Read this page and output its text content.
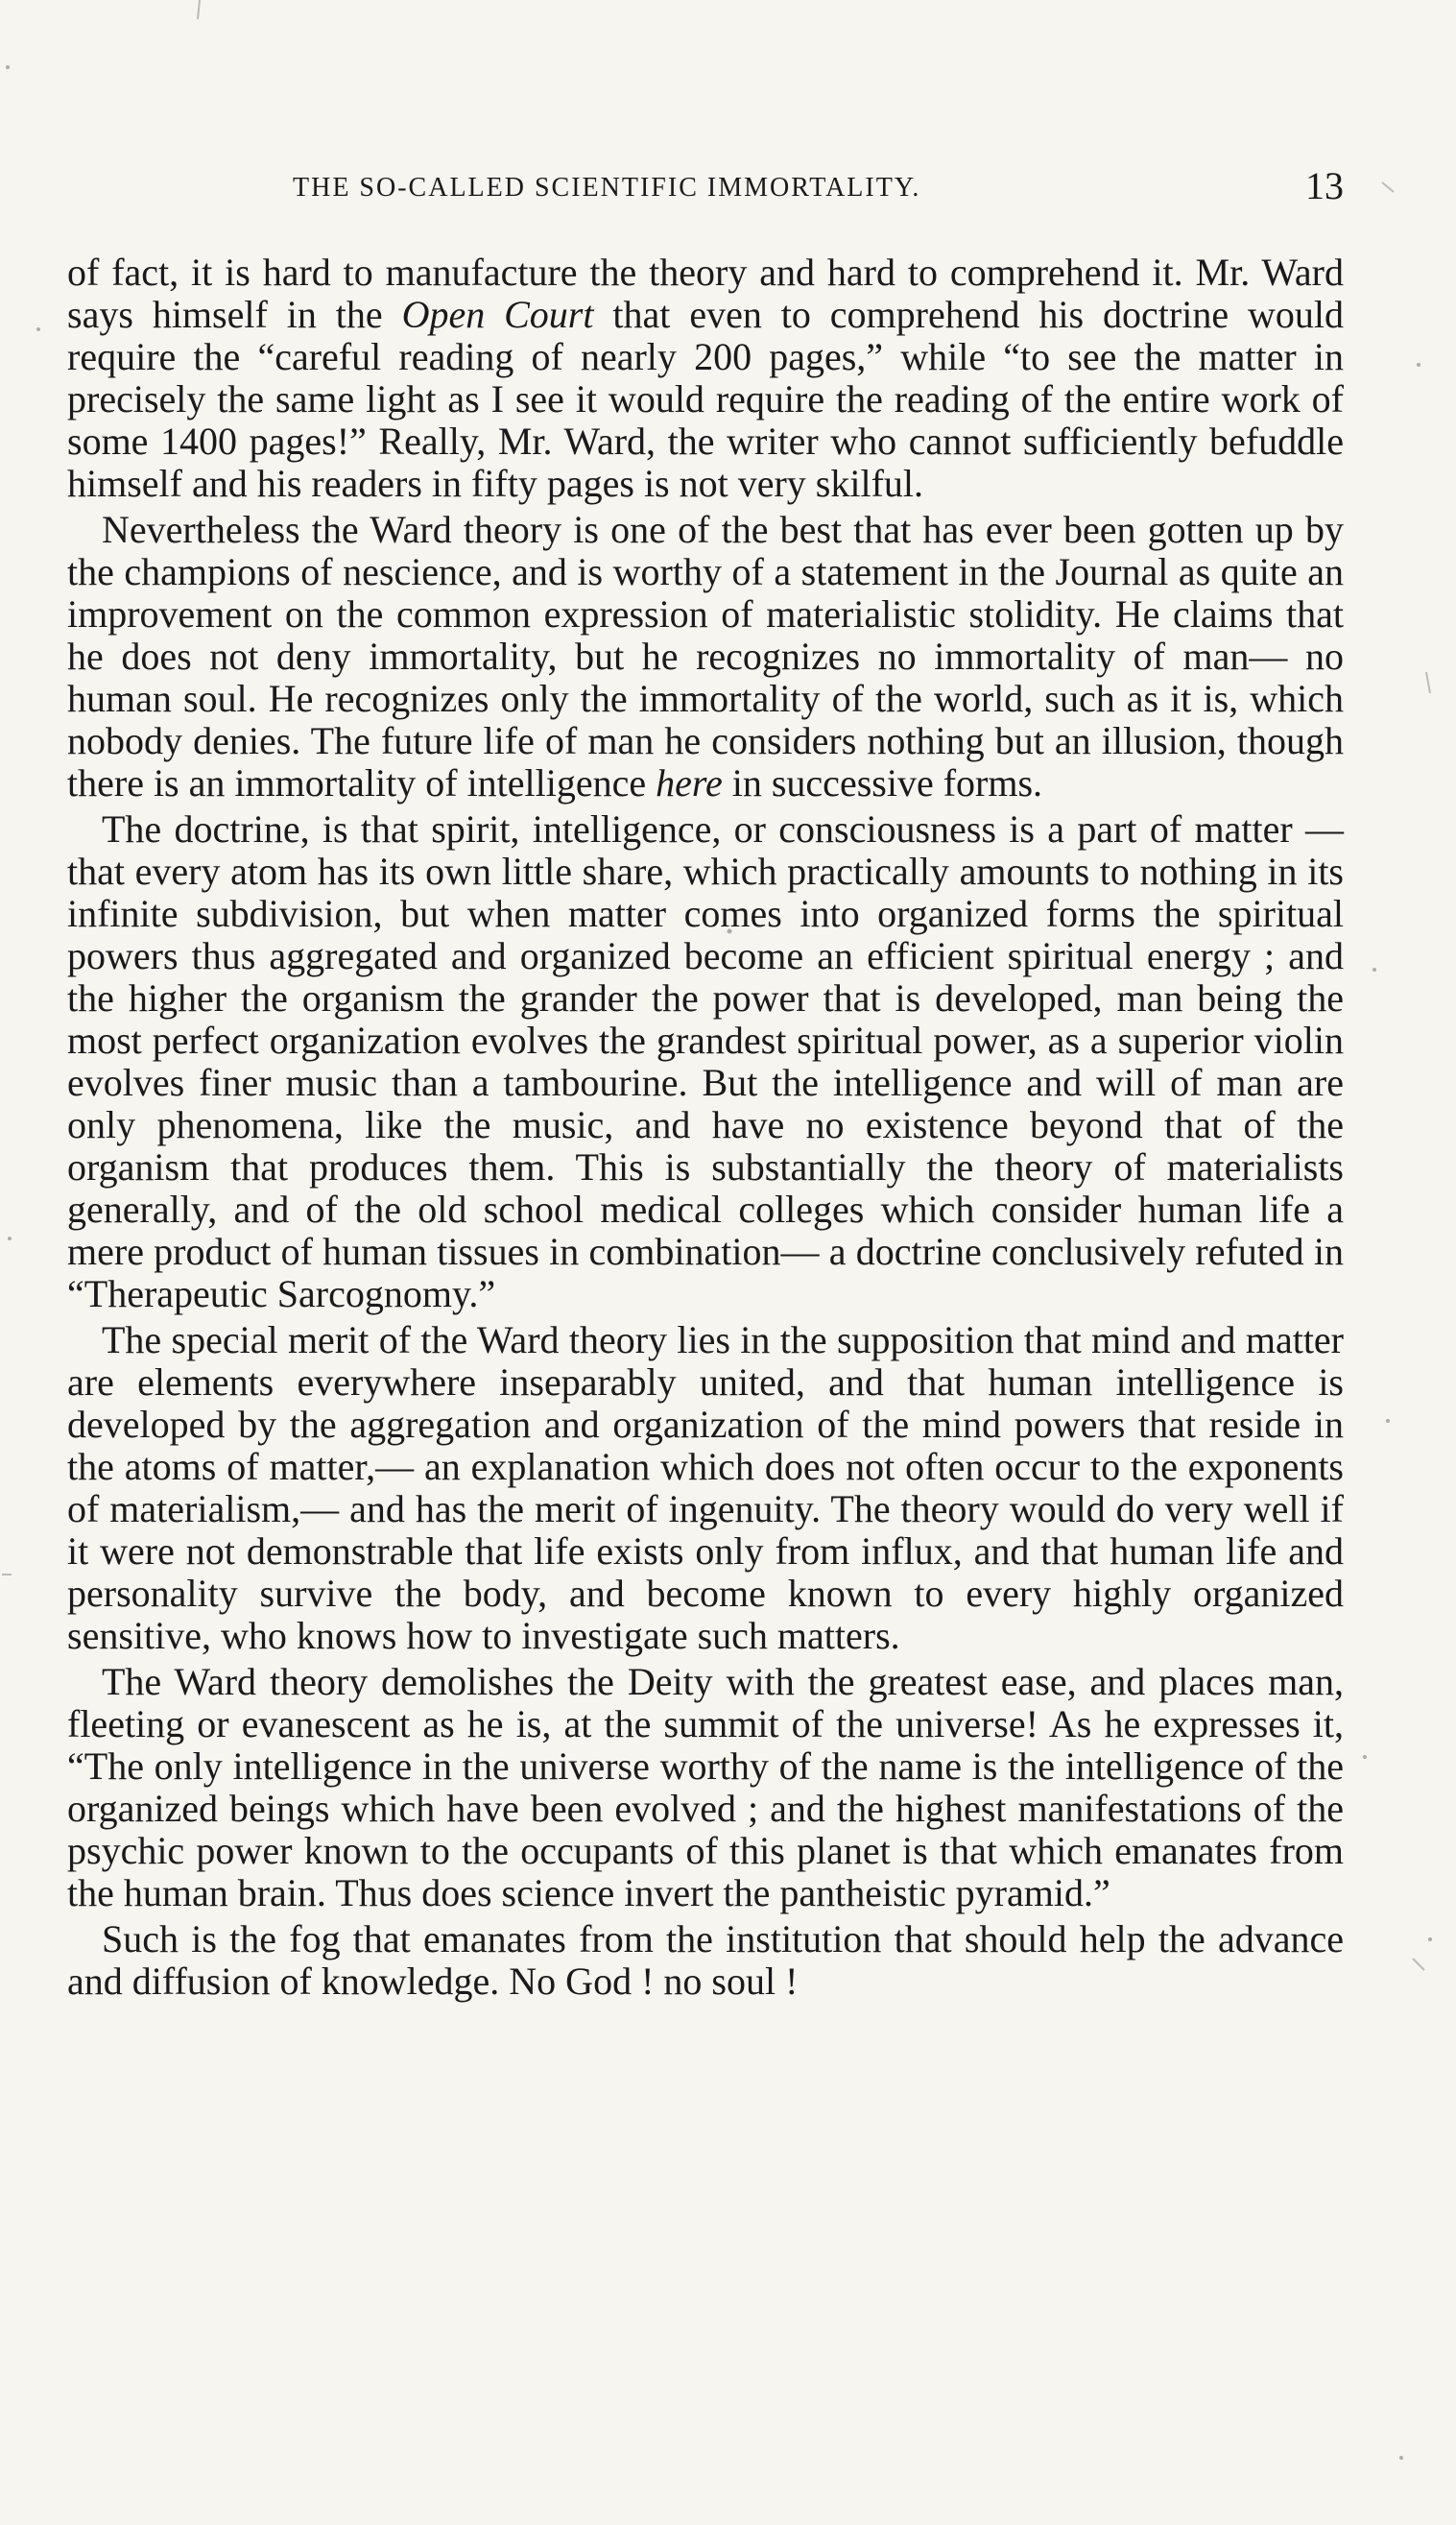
THE SO-CALLED SCIENTIFIC IMMORTALITY.	13

of fact, it is hard to manufacture the theory and hard to comprehend it. Mr. Ward says himself in the Open Court that even to comprehend his doctrine would require the “careful reading of nearly 200 pages,” while “to see the matter in precisely the same light as I see it would require the reading of the entire work of some 1400 pages!” Really, Mr. Ward, the writer who cannot sufficiently befuddle himself and his readers in fifty pages is not very skilful.

Nevertheless the Ward theory is one of the best that has ever been gotten up by the champions of nescience, and is worthy of a statement in the Journal as quite an improvement on the common expression of materialistic stolidity. He claims that he does not deny immortality, but he recognizes no immortality of man— no human soul. He recognizes only the immortality of the world, such as it is, which nobody denies. The future life of man he considers nothing but an illusion, though there is an immortality of intelligence here in successive forms.

The doctrine, is that spirit, intelligence, or consciousness is a part of matter — that every atom has its own little share, which practically amounts to nothing in its infinite subdivision, but when matter comes into organized forms the spiritual powers thus aggregated and organized become an efficient spiritual energy ; and the higher the organism the grander the power that is developed, man being the most perfect organization evolves the grandest spiritual power, as a superior violin evolves finer music than a tambourine. But the intelligence and will of man are only phenomena, like the music, and have no existence beyond that of the organism that produces them. This is substantially the theory of materialists generally, and of the old school medical colleges which consider human life a mere product of human tissues in combination— a doctrine conclusively refuted in “Therapeutic Sarcognomy.”

The special merit of the Ward theory lies in the supposition that mind and matter are elements everywhere inseparably united, and that human intelligence is developed by the aggregation and organization of the mind powers that reside in the atoms of matter,— an explanation which does not often occur to the exponents of materialism,— and has the merit of ingenuity. The theory would do very well if it were not demonstrable that life exists only from influx, and that human life and personality survive the body, and become known to every highly organized sensitive, who knows how to investigate such matters.

The Ward theory demolishes the Deity with the greatest ease, and places man, fleeting or evanescent as he is, at the summit of the universe! As he expresses it, “The only intelligence in the universe worthy of the name is the intelligence of the organized beings which have been evolved ; and the highest manifestations of the psychic power known to the occupants of this planet is that which emanates from the human brain. Thus does science invert the pantheistic pyramid.”

Such is the fog that emanates from the institution that should help the advance and diffusion of knowledge. No God ! no soul !
